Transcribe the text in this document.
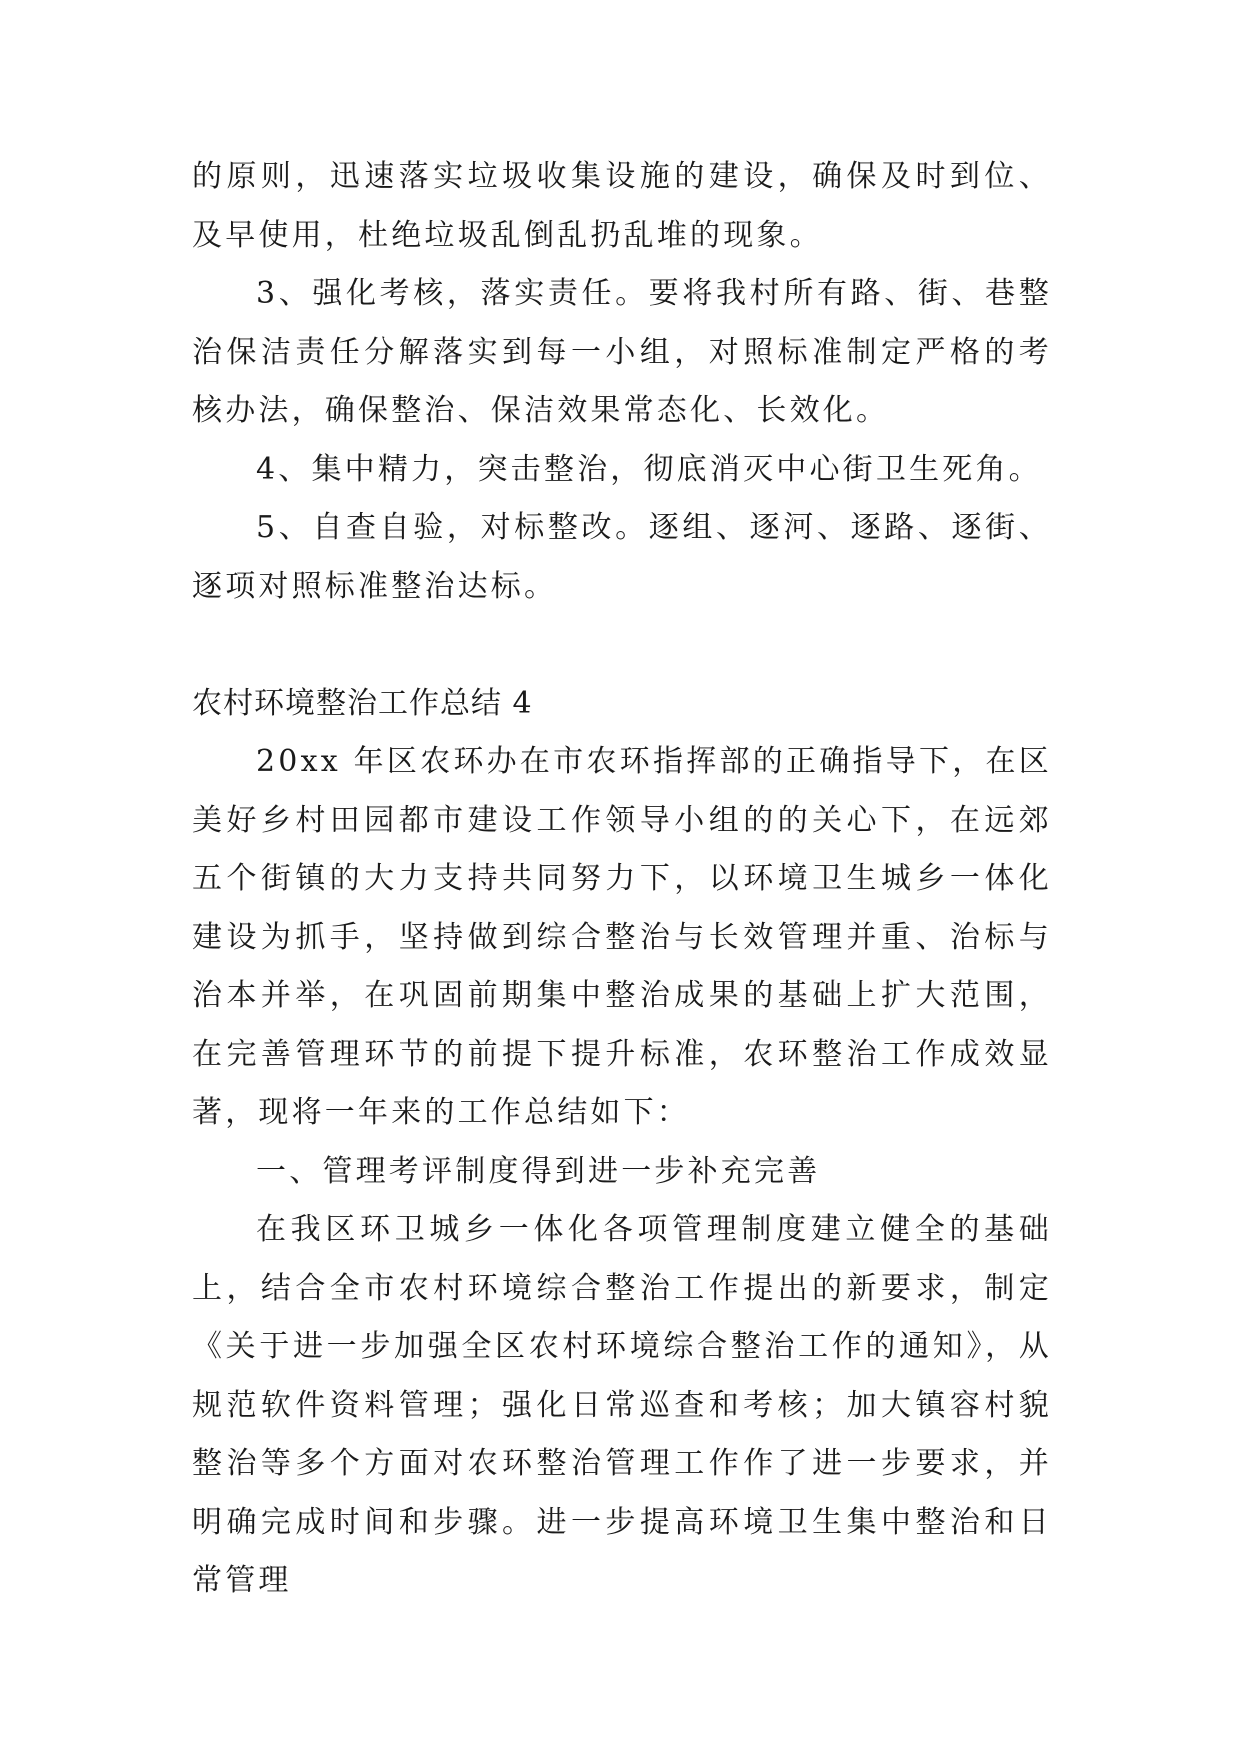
的原则，迅速落实垃圾收集设施的建设，确保及时到位、及早使用，杜绝垃圾乱倒乱扔乱堆的现象。

3、强化考核，落实责任。要将我村所有路、街、巷整治保洁责任分解落实到每一小组，对照标准制定严格的考核办法，确保整治、保洁效果常态化、长效化。

4、集中精力，突击整治，彻底消灭中心街卫生死角。

5、自查自验，对标整改。逐组、逐河、逐路、逐街、逐项对照标准整治达标。

农村环境整治工作总结 4

20xx 年区农环办在市农环指挥部的正确指导下，在区美好乡村田园都市建设工作领导小组的的关心下，在远郊五个街镇的大力支持共同努力下，以环境卫生城乡一体化建设为抓手，坚持做到综合整治与长效管理并重、治标与治本并举，在巩固前期集中整治成果的基础上扩大范围，在完善管理环节的前提下提升标准，农环整治工作成效显著，现将一年来的工作总结如下：

一、管理考评制度得到进一步补充完善

在我区环卫城乡一体化各项管理制度建立健全的基础上，结合全市农村环境综合整治工作提出的新要求，制定《关于进一步加强全区农村环境综合整治工作的通知》，从规范软件资料管理；强化日常巡查和考核；加大镇容村貌整治等多个方面对农环整治管理工作作了进一步要求，并明确完成时间和步骤。进一步提高环境卫生集中整治和日常管理
